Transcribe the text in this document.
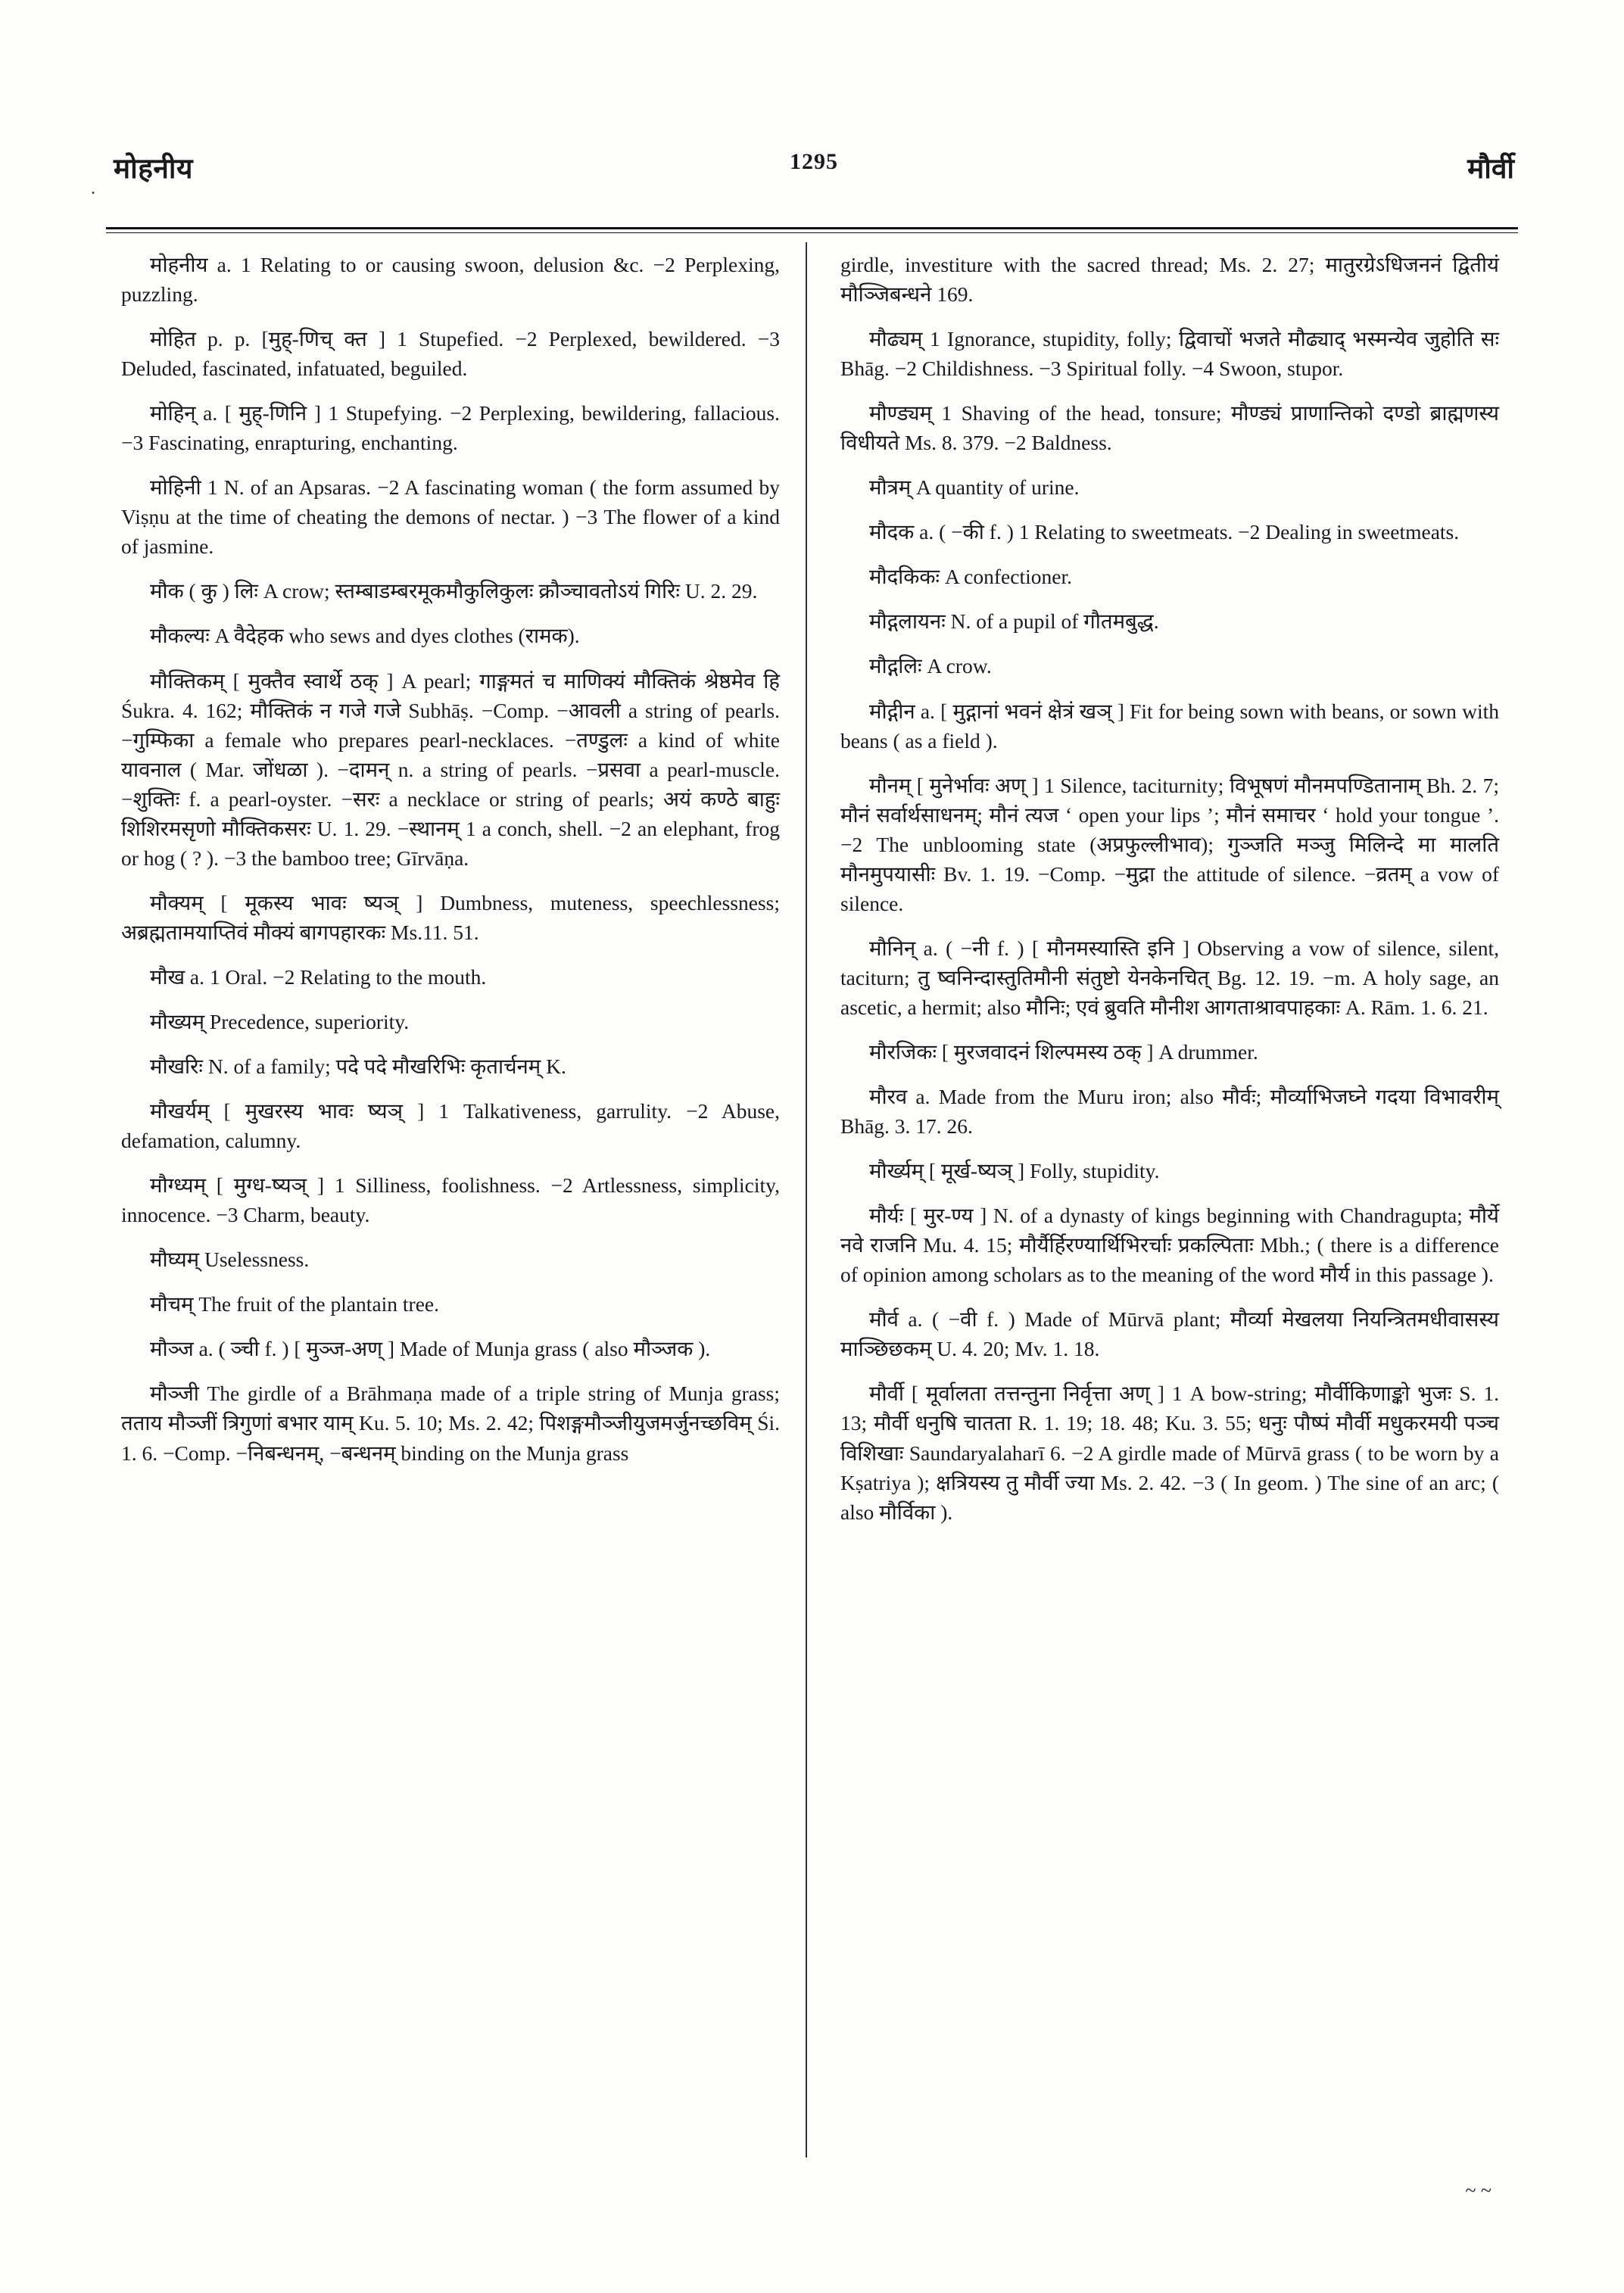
.
मोहनीय	1295	मौर्वी

मोहनीय a. 1 Relating to or causing swoon, delusion &c. −2 Perplexing, puzzling.

मोहित p. p. [मुह्-णिच् क्त ] 1 Stupefied. −2 Perplexed, bewildered. −3 Deluded, fascinated, infatuated, beguiled.

मोहिन् a. [ मुह्-णिनि ] 1 Stupefying. −2 Perplexing, bewildering, fallacious. −3 Fascinating, enrapturing, enchanting.

मोहिनी 1 N. of an Apsaras. −2 A fascinating woman ( the form assumed by Viṣṇu at the time of cheating the demons of nectar. ) −3 The flower of a kind of jasmine.

मौक ( कु ) लिः A crow; स्तम्बाडम्बरमूकमौकुलिकुलः क्रौञ्चावतोऽयं गिरिः U. 2. 29.

मौकल्यः A वैदेहक who sews and dyes clothes (रामक).

मौक्तिकम् [ मुक्तैव स्वार्थे ठक् ] A pearl; गाङ्गमतं च माणिक्यं मौक्तिकं श्रेष्ठमेव हि Śukra. 4. 162; मौक्तिकं न गजे गजे Subhāṣ. −Comp. −आवली a string of pearls. −गुम्फिका a female who prepares pearl-necklaces. −तण्डुलः a kind of white यावनाल ( Mar. जोंधळा ). −दामन् n. a string of pearls. −प्रसवा a pearl-muscle. −शुक्तिः f. a pearl-oyster. −सरः a necklace or string of pearls; अयं कण्ठे बाहुः शिशिरमसृणो मौक्तिकसरः U. 1. 29. −स्थानम् 1 a conch, shell. −2 an elephant, frog or hog ( ? ). −3 the bamboo tree; Gīrvāṇa.

मौक्यम् [ मूकस्य भावः ष्यञ् ] Dumbness, muteness, speechlessness; अब्रह्मतामयाप्तिवं मौक्यं बागपहारकः Ms.11. 51.

मौख a. 1 Oral. −2 Relating to the mouth.

मौख्यम् Precedence, superiority.

मौखरिः N. of a family; पदे पदे मौखरिभिः कृतार्चनम् K.

मौखर्यम् [ मुखरस्य भावः ष्यञ् ] 1 Talkativeness, garrulity. −2 Abuse, defamation, calumny.

मौग्ध्यम् [ मुग्ध-ष्यञ् ] 1 Silliness, foolishness. −2 Artlessness, simplicity, innocence. −3 Charm, beauty.

मौघ्यम् Uselessness.

मौचम् The fruit of the plantain tree.

मौञ्ज a. ( ञ्ची f. ) [ मुञ्ज-अण् ] Made of Munja grass ( also मौञ्जक ).

मौञ्जी The girdle of a Brāhmaṇa made of a triple string of Munja grass; तताय मौञ्जीं त्रिगुणां बभार याम् Ku. 5. 10; Ms. 2. 42; पिशङ्गमौञ्जीयुजमर्जुनच्छविम् Śi. 1. 6. −Comp. −निबन्धनम्, −बन्धनम् binding on the Munja grass

girdle, investiture with the sacred thread; Ms. 2. 27; मातुरग्रेऽधिजननं द्वितीयं मौञ्जिबन्धने 169.

मौढ्यम् 1 Ignorance, stupidity, folly; द्विवाचों भजते मौढ्याद् भस्मन्येव जुहोति सः Bhāg. −2 Childishness. −3 Spiritual folly. −4 Swoon, stupor.

मौण्ड्यम् 1 Shaving of the head, tonsure; मौण्ड्यं प्राणान्तिको दण्डो ब्राह्मणस्य विधीयते Ms. 8. 379. −2 Baldness.

मौत्रम् A quantity of urine.

मौदक a. ( −की f. ) 1 Relating to sweetmeats. −2 Dealing in sweetmeats.

मौदकिकः A confectioner.

मौद्गलायनः N. of a pupil of गौतमबुद्ध.

मौद्गलिः A crow.

मौद्गीन a. [ मुद्गानां भवनं क्षेत्रं खञ् ] Fit for being sown with beans, or sown with beans ( as a field ).

मौनम् [ मुनेर्भावः अण् ] 1 Silence, taciturnity; विभूषणं मौनमपण्डितानाम् Bh. 2. 7; मौनं सर्वार्थसाधनम्; मौनं त्यज ‘ open your lips ’; मौनं समाचर ‘ hold your tongue ’. −2 The unblooming state (अप्रफुल्लीभाव); गुञ्जति मञ्जु मिलिन्दे मा मालति मौनमुपयासीः Bv. 1. 19. −Comp. −मुद्रा the attitude of silence. −व्रतम् a vow of silence.

मौनिन् a. ( −नी f. ) [ मौनमस्यास्ति इनि ] Observing a vow of silence, silent, taciturn; तु ष्वनिन्दास्तुतिमौनी संतुष्टो येनकेनचित् Bg. 12. 19. −m. A holy sage, an ascetic, a hermit; also मौनिः; एवं ब्रुवति मौनीश आगताश्रावपाहकाः A. Rām. 1. 6. 21.

मौरजिकः [ मुरजवादनं शिल्पमस्य ठक् ] A drummer.

मौरव a. Made from the Muru iron; also मौर्वः; मौर्व्याभिजघ्ने गदया विभावरीम् Bhāg. 3. 17. 26.

मौर्ख्यम् [ मूर्ख-ष्यञ् ] Folly, stupidity.

मौर्यः [ मुर-ण्य ] N. of a dynasty of kings beginning with Chandragupta; मौर्ये नवे राजनि Mu. 4. 15; मौर्यैर्हिरण्यार्थिभिरर्चाः प्रकल्पिताः Mbh.; ( there is a difference of opinion among scholars as to the meaning of the word मौर्य in this passage ).

मौर्व a. ( −वी f. ) Made of Mūrvā plant; मौर्व्या मेखलया नियन्त्रितमधीवासस्य माञ्छिछकम् U. 4. 20; Mv. 1. 18.

मौर्वी [ मूर्वालता तत्तन्तुना निर्वृत्ता अण् ] 1 A bow-string; मौर्वीकिणाङ्को भुजः S. 1. 13; मौर्वी धनुषि चातता R. 1. 19; 18. 48; Ku. 3. 55; धनुः पौष्पं मौर्वी मधुकरमयी पञ्च विशिखाः Saundaryalaharī 6. −2 A girdle made of Mūrvā grass ( to be worn by a Kṣatriya ); क्षत्रियस्य तु मौर्वी ज्या Ms. 2. 42. −3 ( In geom. ) The sine of an arc; ( also मौर्विका ).

~ ~
